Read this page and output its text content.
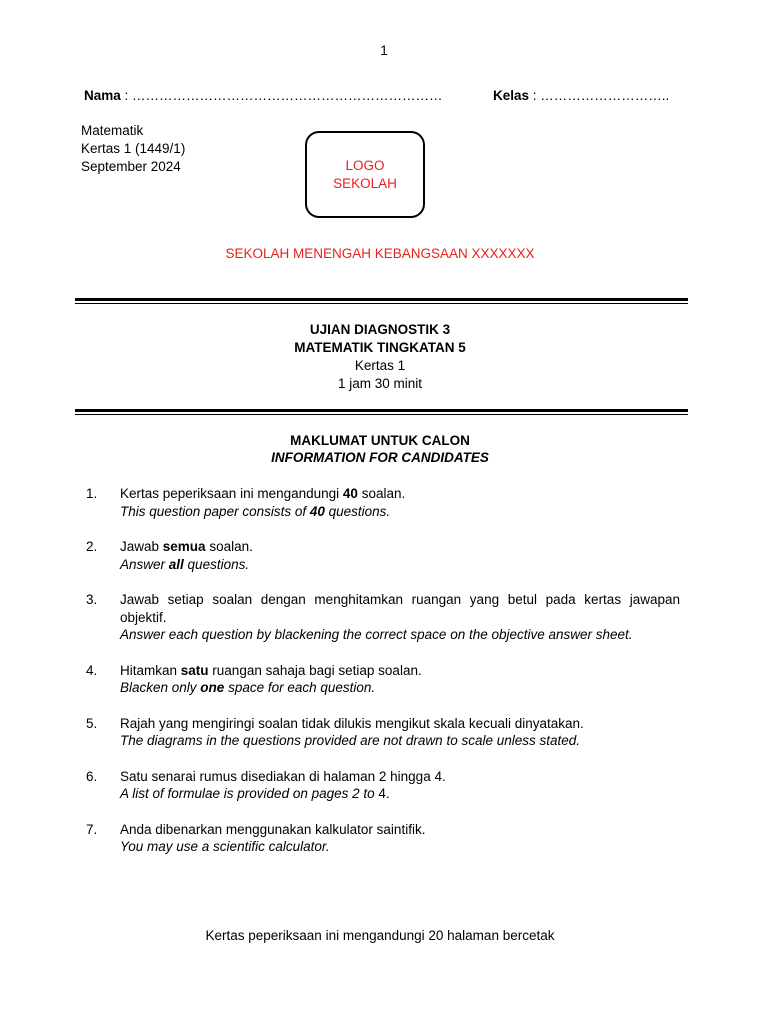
1
Nama : ……………………………………………………………	Kelas : ………………………..
Matematik
Kertas 1 (1449/1)
September 2024	LOGO
SEKOLAH
SEKOLAH MENENGAH KEBANGSAAN XXXXXXX
UJIAN DIAGNOSTIK 3
MATEMATIK TINGKATAN 5
Kertas 1
1 jam 30 minit
MAKLUMAT UNTUK CALON
INFORMATION FOR CANDIDATES
1. Kertas peperiksaan ini mengandungi 40 soalan.
This question paper consists of 40 questions.
2. Jawab semua soalan.
Answer all questions.
3. Jawab setiap soalan dengan menghitamkan ruangan yang betul pada kertas jawapan objektif.
Answer each question by blackening the correct space on the objective answer sheet.
4. Hitamkan satu ruangan sahaja bagi setiap soalan.
Blacken only one space for each question.
5. Rajah yang mengiringi soalan tidak dilukis mengikut skala kecuali dinyatakan.
The diagrams in the questions provided are not drawn to scale unless stated.
6. Satu senarai rumus disediakan di halaman 2 hingga 4.
A list of formulae is provided on pages 2 to 4.
7. Anda dibenarkan menggunakan kalkulator saintifik.
You may use a scientific calculator.
Kertas peperiksaan ini mengandungi 20 halaman bercetak
